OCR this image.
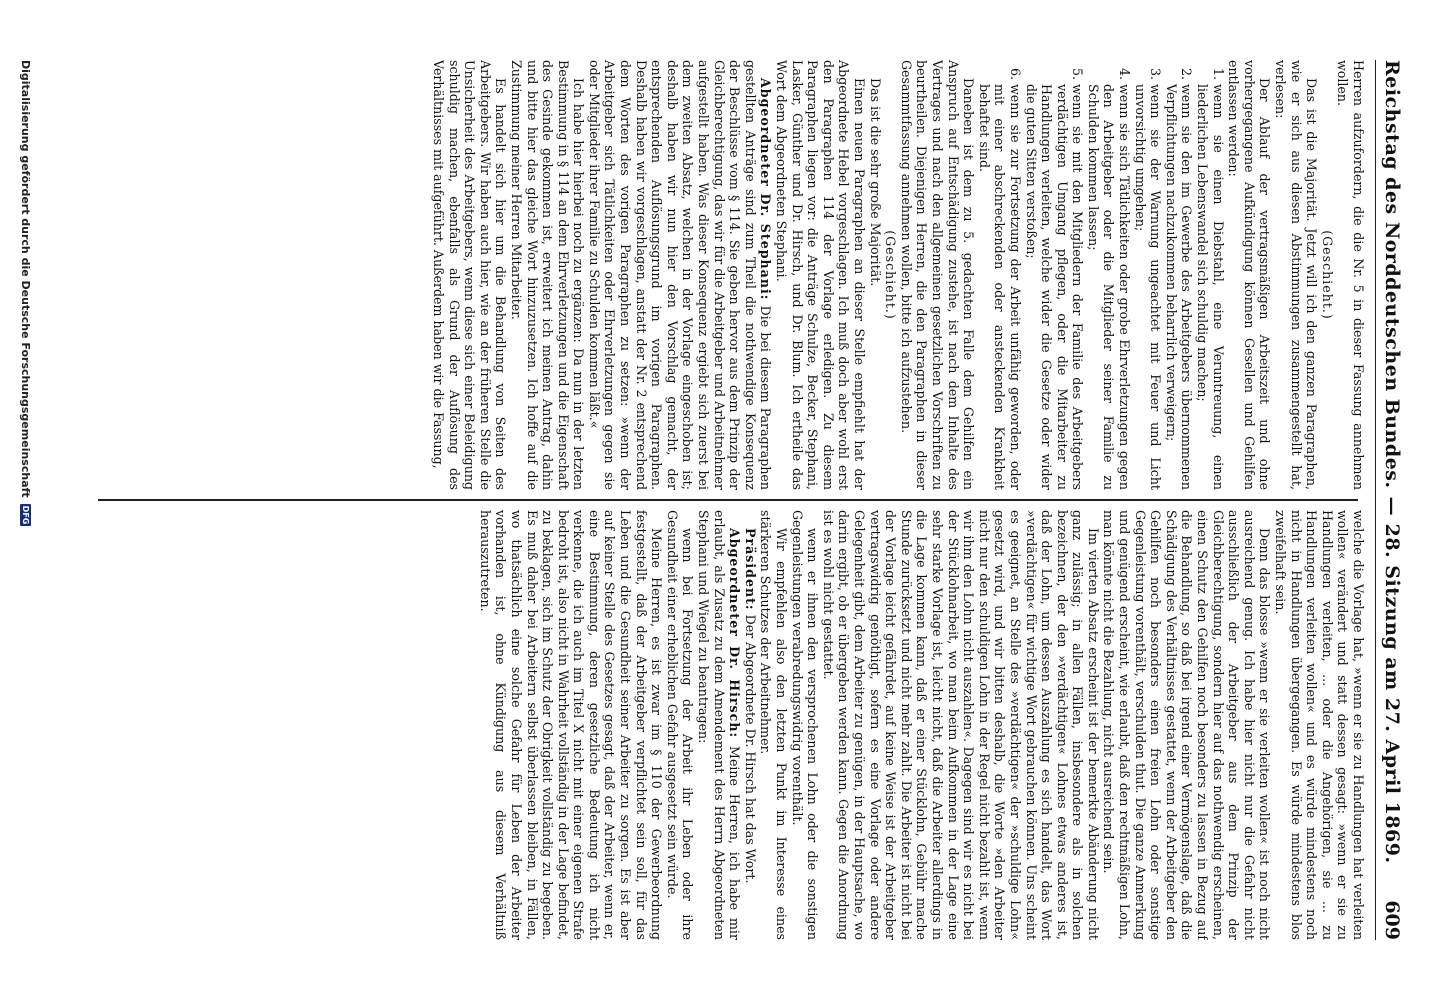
Reichstag des Norddeutschen Bundes.
—
28. Sitzung am 27. April 1869.
609

Herren aufzufordern, die die Nr. 5 in dieser Fassung annehmen wollen.

(Geschieht.)

Das ist die Majorität. Jetzt will ich den ganzen Paragraphen, wie er sich aus diesen Abstimmungen zusammengestellt hat, verlesen:

Der Ablauf der vertragsmäßigen Arbeitszeit und ohne vorhergegangene Aufkündigung können Gesellen und Gehilfen entlassen werden:

1. wenn sie einen Diebstahl, eine Veruntreuung, einen liederlichen Lebenswandel sich schuldig machen;
2. wenn sie den im Gewerbe des Arbeitgebers übernommenen Verpflichtungen nachzukommen beharrlich verweigern;
3. wenn sie der Warnung ungeachtet mit Feuer und Licht unvorsichtig umgehen;
4. wenn sie sich Tätlichkeiten oder grobe Ehrverletzungen gegen den Arbeitgeber oder die Mitglieder seiner Familie zu Schulden kommen lassen;
5. wenn sie mit den Mitgliedern der Familie des Arbeitgebers verdächtigen Umgang pflegen, oder die Mitarbeiter zu Handlungen verleiten, welche wider die Gesetze oder wider die guten Sitten verstoßen;
6. wenn sie zur Fortsetzung der Arbeit unfähig geworden, oder mit einer abschreckenden oder ansteckenden Krankheit behaftet sind.

Daneben ist dem zu 5. gedachten Falle dem Gehilfen ein Anspruch auf Entschädigung zustehe, ist nach dem Inhalte des Vertrages und nach den allgemeinen gesetzlichen Vorschriften zu beurtheilen. Diejenigen Herren, die den Paragraphen in dieser Gesammtfassung annehmen wollen, bitte ich aufzustehen.

(Geschieht.)

Das ist die sehr große Majorität.

Einen neuen Paragraphen an dieser Stelle empfiehlt hat der Abgeordnete Hebel vorgeschlagen. Ich muß doch aber wohl erst den Paragraphen 114 der Vorlage erledigen. Zu diesem Paragraphen liegen vor: die Anträge Schulze, Becker, Stephani, Lasker, Günther und Dr. Hirsch, und Dr. Blum. Ich ertheile das Wort dem Abgeordneten Stephani.

Abgeordneter Dr. Stephani: Die bei diesem Paragraphen gestellten Anträge sind zum Theil die nothwendige Konsequenz der Beschlüsse vom § 114. Sie geben hervor aus dem Prinzip der Gleichberechtigung, das wir für die Arbeitgeber und Arbeitnehmer aufgestellt haben. Was dieser Konsequenz ergiebt sich zuerst bei dem zweiten Absatz, welchen in der Vorlage eingeschoben ist; deshalb haben wir nun hier den Vorschlag gemacht, der entsprechenden Auflösungsgrund im vorigen Paragraphen. Deshalb haben wir vorgeschlagen, anstatt der Nr. 2 entsprechend dem Worten des vorigen Paragraphen zu setzen: »wenn der Arbeitgeber sich Tätlichkeiten oder Ehrverletzungen gegen sie oder Mitglieder ihrer Familie zu Schulden kommen läßt.«

Ich habe hier hierbei noch zu ergänzen: Da nun in der letzten Bestimmung in § 114 an dem Ehrverletzungen und die Eigenschaft des Gesinde gekommen ist, erweitert ich meinen Antrag, dahin und bitte hier das gleiche Wort hinzuzusetzen. Ich hoffe auf die Zustimmung meiner Herren Mitarbeiter.

Es handelt sich hier um die Behandlung von Seiten des Arbeitgebers. Wir haben auch hier, wie an der früheren Stelle die Unsicherheit des Arbeitgebers, wenn diese sich einer Beleidigung schuldig machen, ebenfalls als Grund der Auflösung des Verhältnisses mit aufgeführt. Außerdem haben wir die Fassung,

welche die Vorlage hat, »wenn er sie zu Handlungen hat verleiten wollen« verändert und statt dessen gesagt: »wenn er sie zu Handlungen verleiten, ... oder die Angehörigen, sie ... zu Handlungen verleiten wollen« und es würde mindestens noch nicht in Handlungen übergegangen. Es würde mindestens blos zweifelhaft sein.

Denn das blosse »wenn er sie verleiten wollen« ist noch nicht ausreichend genug. Ich habe hier nicht nur die Gefahr nicht ausschließlich der Arbeitgeber aus dem Prinzip der Gleichberechtigung, sondern hier auf das nothwendig erscheinen, einen Schutz den Gehilfen noch besonders zu lassen in Bezug auf die Behandlung, so daß bei irgend einer Vermögenslage, daß die Schädigung des Verhältnisses gestattet, wenn der Arbeitgeber den Gehilfen noch besonders einen freien Lohn oder sonstige Gegenleistung vorenthält, verschulden thut. Die ganze Anmerkung und genügend erscheint, wie erlaubt, daß den rechtmäßigen Lohn, man könnte nicht die Bezahlung, nicht ausreichend sein.

Im vierten Absatz erscheint ist der bemerkte Abänderung nicht ganz zulässig; in allen Fällen, insbesondere als in solchen bezeichnen, der den »verdächtigen« Lohnes etwas anderes ist, daß der Lohn, um dessen Auszahlung es sich handelt, das Wort »verdächtigen« für wichtige Wort gebrauchen können. Uns scheint es geeignet, an Stelle des »verdächtigen« der »schuldige Lohn« gesetzt wird, und wir bitten deshalb, die Worte »den Arbeiter nicht nur den schuldigen Lohn in der Regel nicht bezahlt ist, wenn wir ihm den Lohn nicht auszahlen«. Dagegen sind wir es nicht bei der Stücklohnarbeit, wo man beim Aufkommen in der Lage eine sehr starke Vorlage ist, leicht nicht, daß die Arbeiter allerdings in die Lage kommen kann, daß er einer Stücklohn, Gebühr mache Stunde zurücksetzt und nicht mehr zahlt. Die Arbeiter ist nicht bei der Vorlage leicht gefährdet, auf keine Weise ist der Arbeitgeber vertragswidrig genöthigt, sofern es eine Vorlage oder andere Gelegenheit gibt, dem Arbeiter zu genügen, in der Hauptsache, wo darin ergibt, ob er übergeben werden kann. Gegen die Anordnung ist es wohl nicht gestattet.

wenn er ihnen den versprochenen Lohn oder die sonstigen Gegenleistungen verabredungswidrig vorenthält.

Wir empfehlen also den letzten Punkt im Interesse eines stärkeren Schutzes der Arbeitnehmer.

Präsident: Der Abgeordnete Dr. Hirsch hat das Wort.

Abgeordneter Dr. Hirsch: Meine Herren, ich habe mir erlaubt, als Zusatz zu dem Amendement des Herrn Abgeordneten Stephani und Wiegel zu beantragen:

wenn bei Fortsetzung der Arbeit ihr Leben oder ihre Gesundheit einer erheblichen Gefahr ausgesetzt sein würde.

Meine Herren, es ist zwar im § 110 der Gewerbeordnung festgestellt, daß der Arbeitgeber verpflichtet sein soll, für das Leben und die Gesundheit seiner Arbeiter zu sorgen. Es ist aber auf keiner Stelle des Gesetzes gesagt, daß der Arbeiter, wenn er, eine Bestimmung, deren gesetzliche Bedeutung ich nicht verkenne, die ich auch im Titel X nicht mit einer eigenen Strafe bedroht ist, also nicht in Wahrheit vollständig in der Lage befindet, zu beklagen, sich im Schutz der Obrigkeit vollständig zu begeben. Es muß daher bei Arbeitern selbst überlassen bleiben, in Fällen, wo thatsächlich eine solche Gefahr für Leben der Arbeiter vorhanden ist, ohne Kündigung aus diesem Verhältniß herauszutreten.

Digitalisierung gefördert durch die Deutsche Forschungsgemeinschaft
DFG
